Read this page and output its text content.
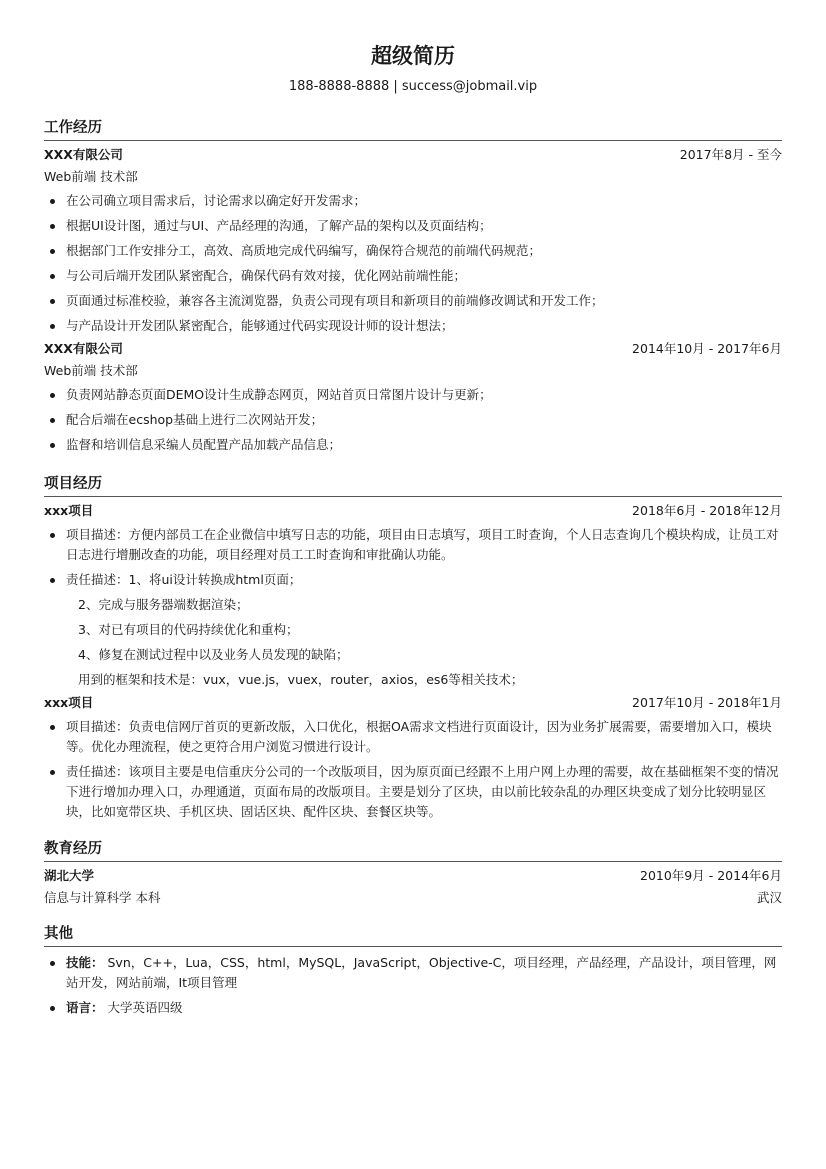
超级简历
188-8888-8888 | success@jobmail.vip
工作经历
XXX有限公司	2017年8月 - 至今
Web前端 技术部
在公司确立项目需求后，讨论需求以确定好开发需求；
根据UI设计图，通过与UI、产品经理的沟通，了解产品的架构以及页面结构；
根据部门工作安排分工，高效、高质地完成代码编写，确保符合规范的前端代码规范；
与公司后端开发团队紧密配合，确保代码有效对接，优化网站前端性能；
页面通过标准校验，兼容各主流浏览器，负责公司现有项目和新项目的前端修改调试和开发工作；
与产品设计开发团队紧密配合，能够通过代码实现设计师的设计想法；
XXX有限公司	2014年10月 - 2017年6月
Web前端 技术部
负责网站静态页面DEMO设计生成静态网页，网站首页日常图片设计与更新；
配合后端在ecshop基础上进行二次网站开发；
监督和培训信息采编人员配置产品加载产品信息；
项目经历
xxx项目	2018年6月 - 2018年12月
项目描述：方便内部员工在企业微信中填写日志的功能，项目由日志填写，项目工时查询，个人日志查询几个模块构成，让员工对日志进行增删改查的功能，项目经理对员工工时查询和审批确认功能。
责任描述：1、将ui设计转换成html页面；
2、完成与服务器端数据渲染；
3、对已有项目的代码持续优化和重构；
4、修复在测试过程中以及业务人员发现的缺陷；
用到的框架和技术是：vux，vue.js，vuex，router，axios，es6等相关技术；
xxx项目	2017年10月 - 2018年1月
项目描述：负责电信网厅首页的更新改版，入口优化，根据OA需求文档进行页面设计，因为业务扩展需要，需要增加入口，模块等。优化办理流程，使之更符合用户浏览习惯进行设计。
责任描述：该项目主要是电信重庆分公司的一个改版项目，因为原页面已经跟不上用户网上办理的需要，故在基础框架不变的情况下进行增加办理入口，办理通道，页面布局的改版项目。主要是划分了区块，由以前比较杂乱的办理区块变成了划分比较明显区块，比如宽带区块、手机区块、固话区块、配件区块、套餐区块等。
教育经历
湖北大学	2010年9月 - 2014年6月
信息与计算科学 本科	武汉
其他
技能： Svn，C++，Lua，CSS，html，MySQL，JavaScript，Objective-C，项目经理，产品经理，产品设计，项目管理，网站开发，网站前端，It项目管理
语言： 大学英语四级
